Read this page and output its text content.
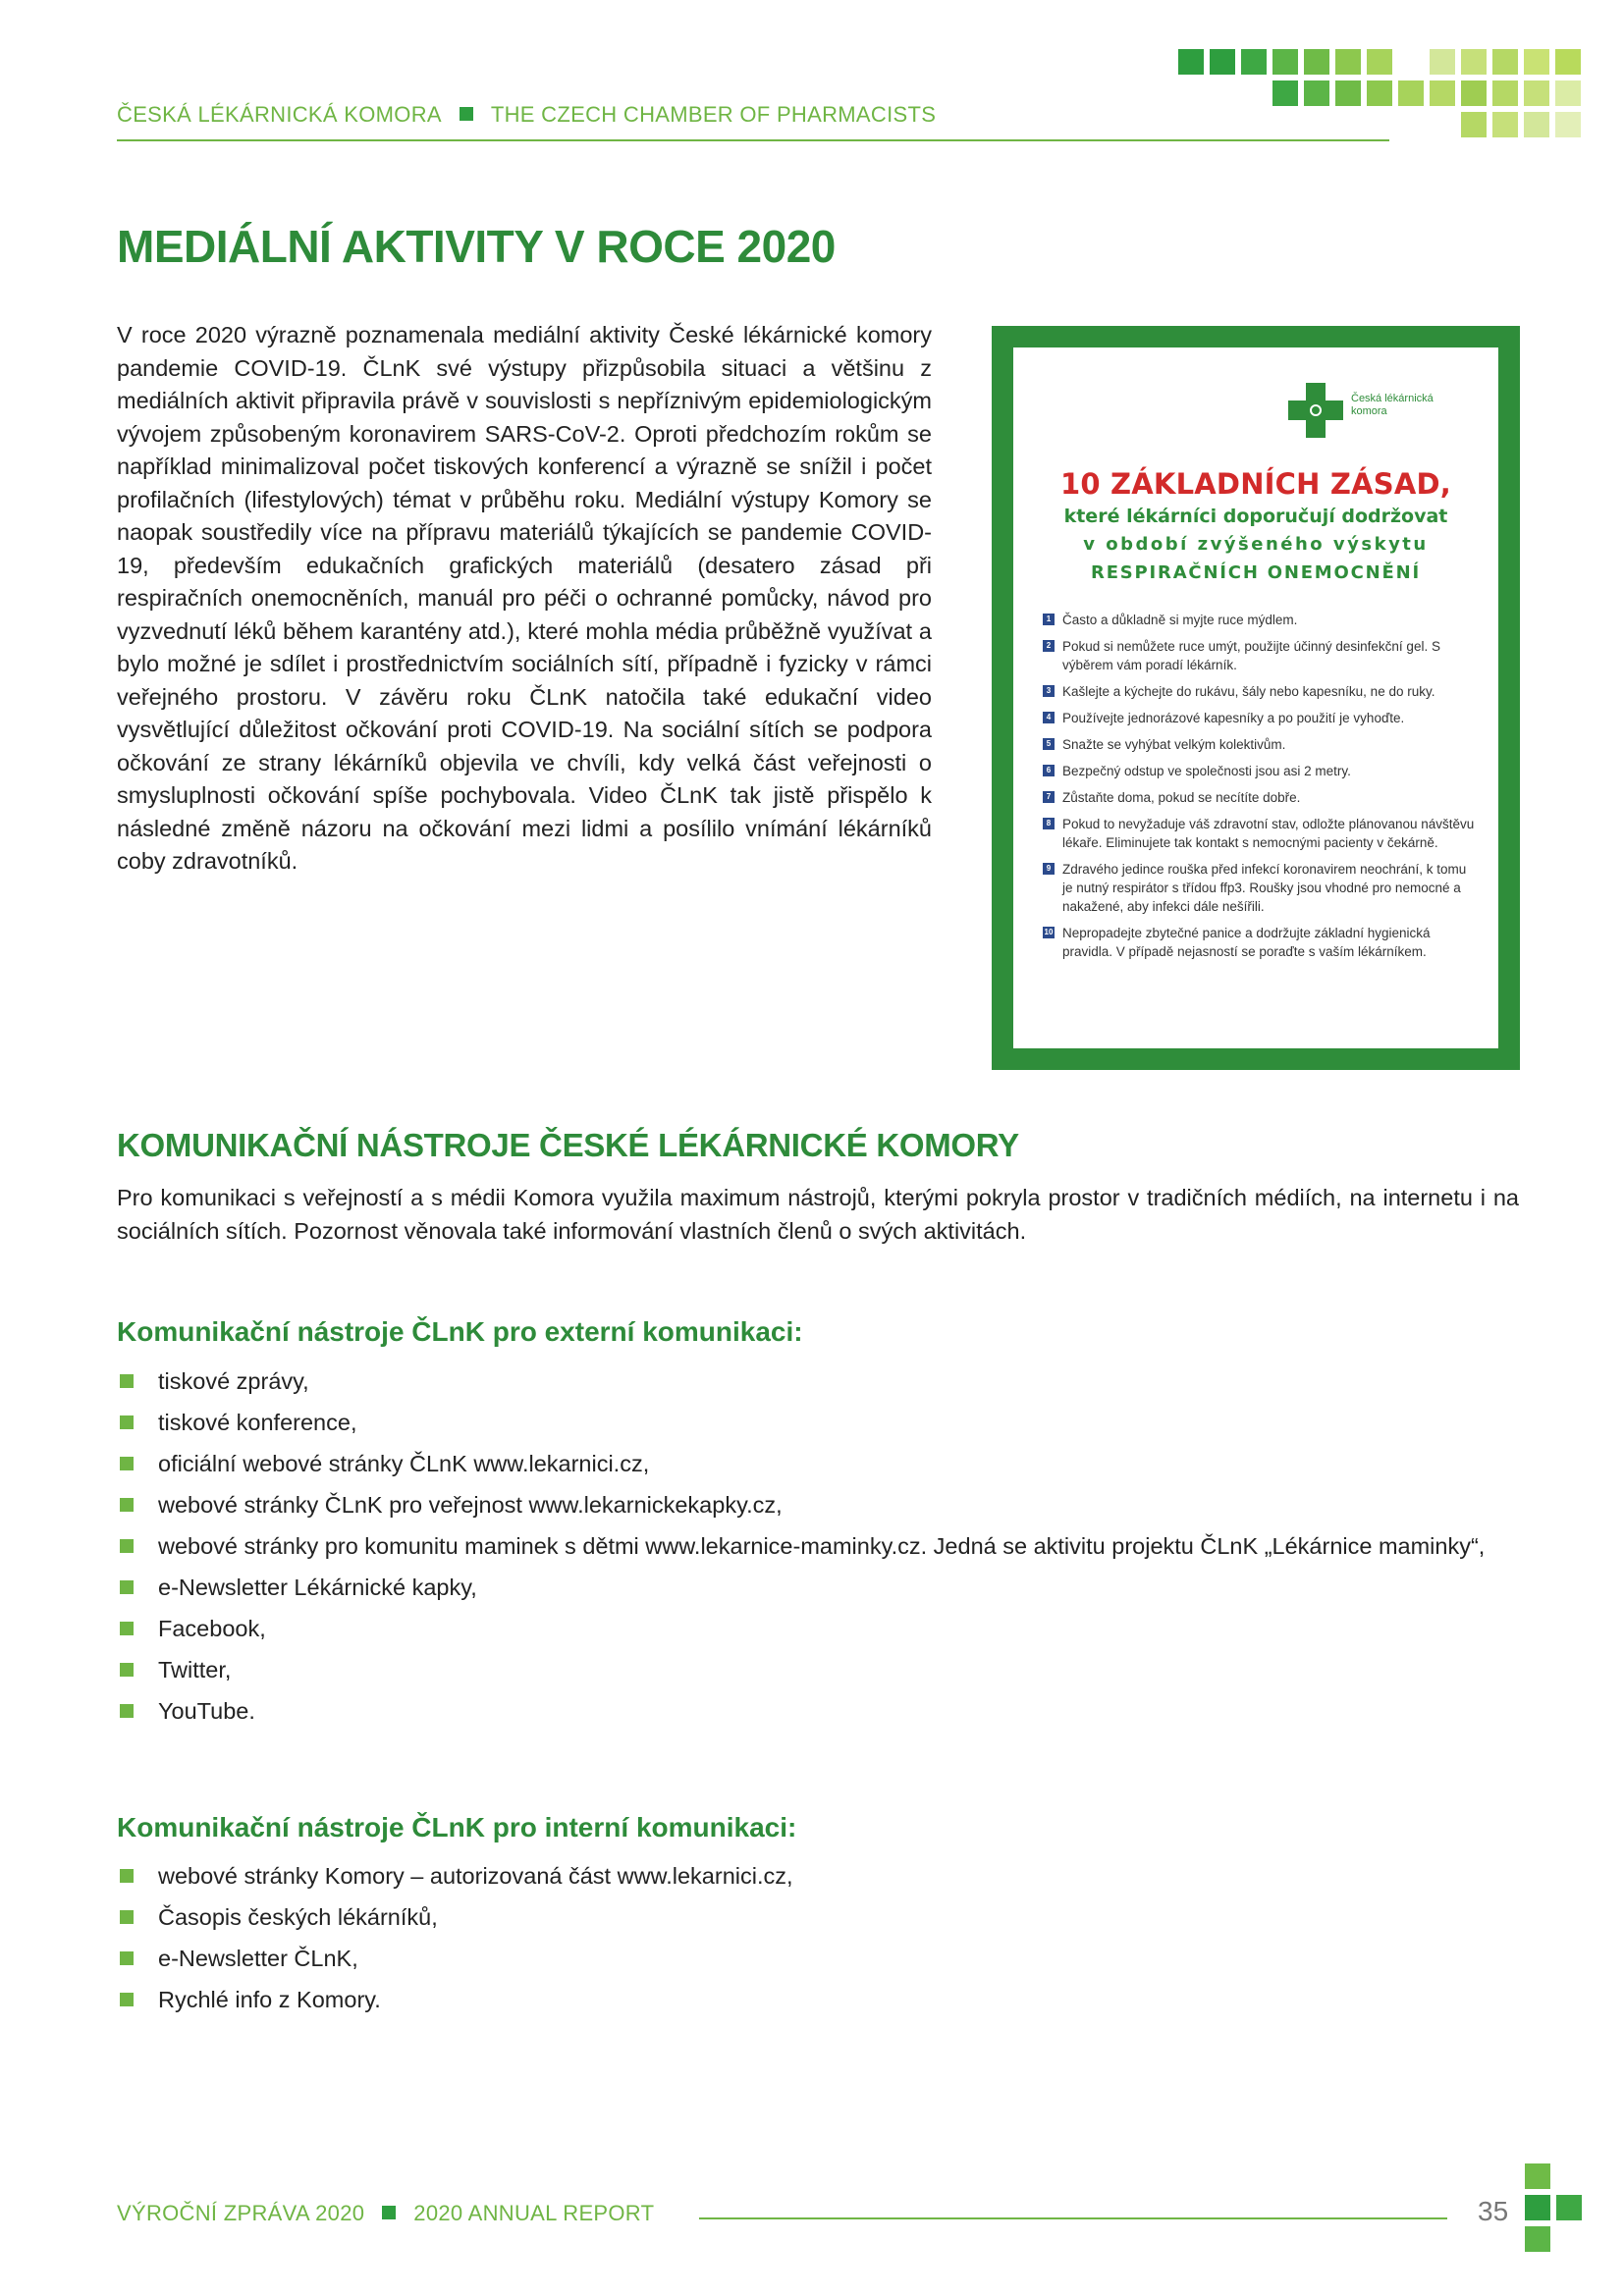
ČESKÁ LÉKÁRNICKÁ KOMORA THE CZECH CHAMBER OF PHARMACISTS
MEDIÁLNÍ AKTIVITY V ROCE 2020

V roce 2020 výrazně poznamenala mediální aktivity České lékárnické komory pandemie COVID-19. ČLnK své výstupy přizpůsobila situaci a většinu z mediálních aktivit připravila právě v souvislosti s nepříznivým epidemiologickým vývojem způsobeným koronavirem SARS-CoV-2. Oproti předchozím rokům se například minimalizoval počet tiskových konferencí a výrazně se snížil i počet profilačních (lifestylových) témat v průběhu roku. Mediální výstupy Komory se naopak soustředily více na přípravu materiálů týkajících se pandemie COVID-19, především edukačních grafických materiálů (desatero zásad při respiračních onemocněních, manuál pro péči o ochranné pomůcky, návod pro vyzvednutí léků během karantény atd.), které mohla média průběžně využívat a bylo možné je sdílet i prostřednictvím sociálních sítí, případně i fyzicky v rámci veřejného prostoru. V závěru roku ČLnK natočila také edukační video vysvětlující důležitost očkování proti COVID-19. Na sociální sítích se podpora očkování ze strany lékárníků objevila ve chvíli, kdy velká část veřejnosti o smysluplnosti očkování spíše pochybovala. Video ČLnK tak jistě přispělo k následné změně názoru na očkování mezi lidmi a posílilo vnímání lékárníků coby zdravotníků.

Česká lékárnická komora
10 ZÁKLADNÍCH ZÁSAD,
které lékárníci doporučují dodržovat
v období zvýšeného výskytu
RESPIRAČNÍCH ONEMOCNĚNÍ
1 Často a důkladně si myjte ruce mýdlem.
2 Pokud si nemůžete ruce umýt, použijte účinný desinfekční gel. S výběrem vám poradí lékárník.
3 Kašlejte a kýchejte do rukávu, šály nebo kapesníku, ne do ruky.
4 Používejte jednorázové kapesníky a po použití je vyhoďte.
5 Snažte se vyhýbat velkým kolektivům.
6 Bezpečný odstup ve společnosti jsou asi 2 metry.
7 Zůstaňte doma, pokud se necítíte dobře.
8 Pokud to nevyžaduje váš zdravotní stav, odložte plánovanou návštěvu lékaře. Eliminujete tak kontakt s nemocnými pacienty v čekárně.
9 Zdravého jedince rouška před infekcí koronavirem neochrání, k tomu je nutný respirátor s třídou ffp3. Roušky jsou vhodné pro nemocné a nakažené, aby infekci dále nešířili.
10 Nepropadejte zbytečné panice a dodržujte základní hygienická pravidla. V případě nejasností se poraďte s vaším lékárníkem.
KOMUNIKAČNÍ NÁSTROJE ČESKÉ LÉKÁRNICKÉ KOMORY

Pro komunikaci s veřejností a s médii Komora využila maximum nástrojů, kterými pokryla prostor v tradičních médiích, na internetu i na sociálních sítích. Pozornost věnovala také informování vlastních členů o svých aktivitách.

Komunikační nástroje ČLnK pro externí komunikaci:
tiskové zprávy,
tiskové konference,
oficiální webové stránky ČLnK www.lekarnici.cz,
webové stránky ČLnK pro veřejnost www.lekarnickekapky.cz,
webové stránky pro komunitu maminek s dětmi www.lekarnice-maminky.cz. Jedná se aktivitu projektu ČLnK „Lékárnice maminky“,
e-Newsletter Lékárnické kapky,
Facebook,
Twitter,
YouTube.
Komunikační nástroje ČLnK pro interní komunikaci:
webové stránky Komory – autorizovaná část www.lekarnici.cz,
Časopis českých lékárníků,
e-Newsletter ČLnK,
Rychlé info z Komory.
VÝROČNÍ ZPRÁVA 2020 2020 ANNUAL REPORT	35
